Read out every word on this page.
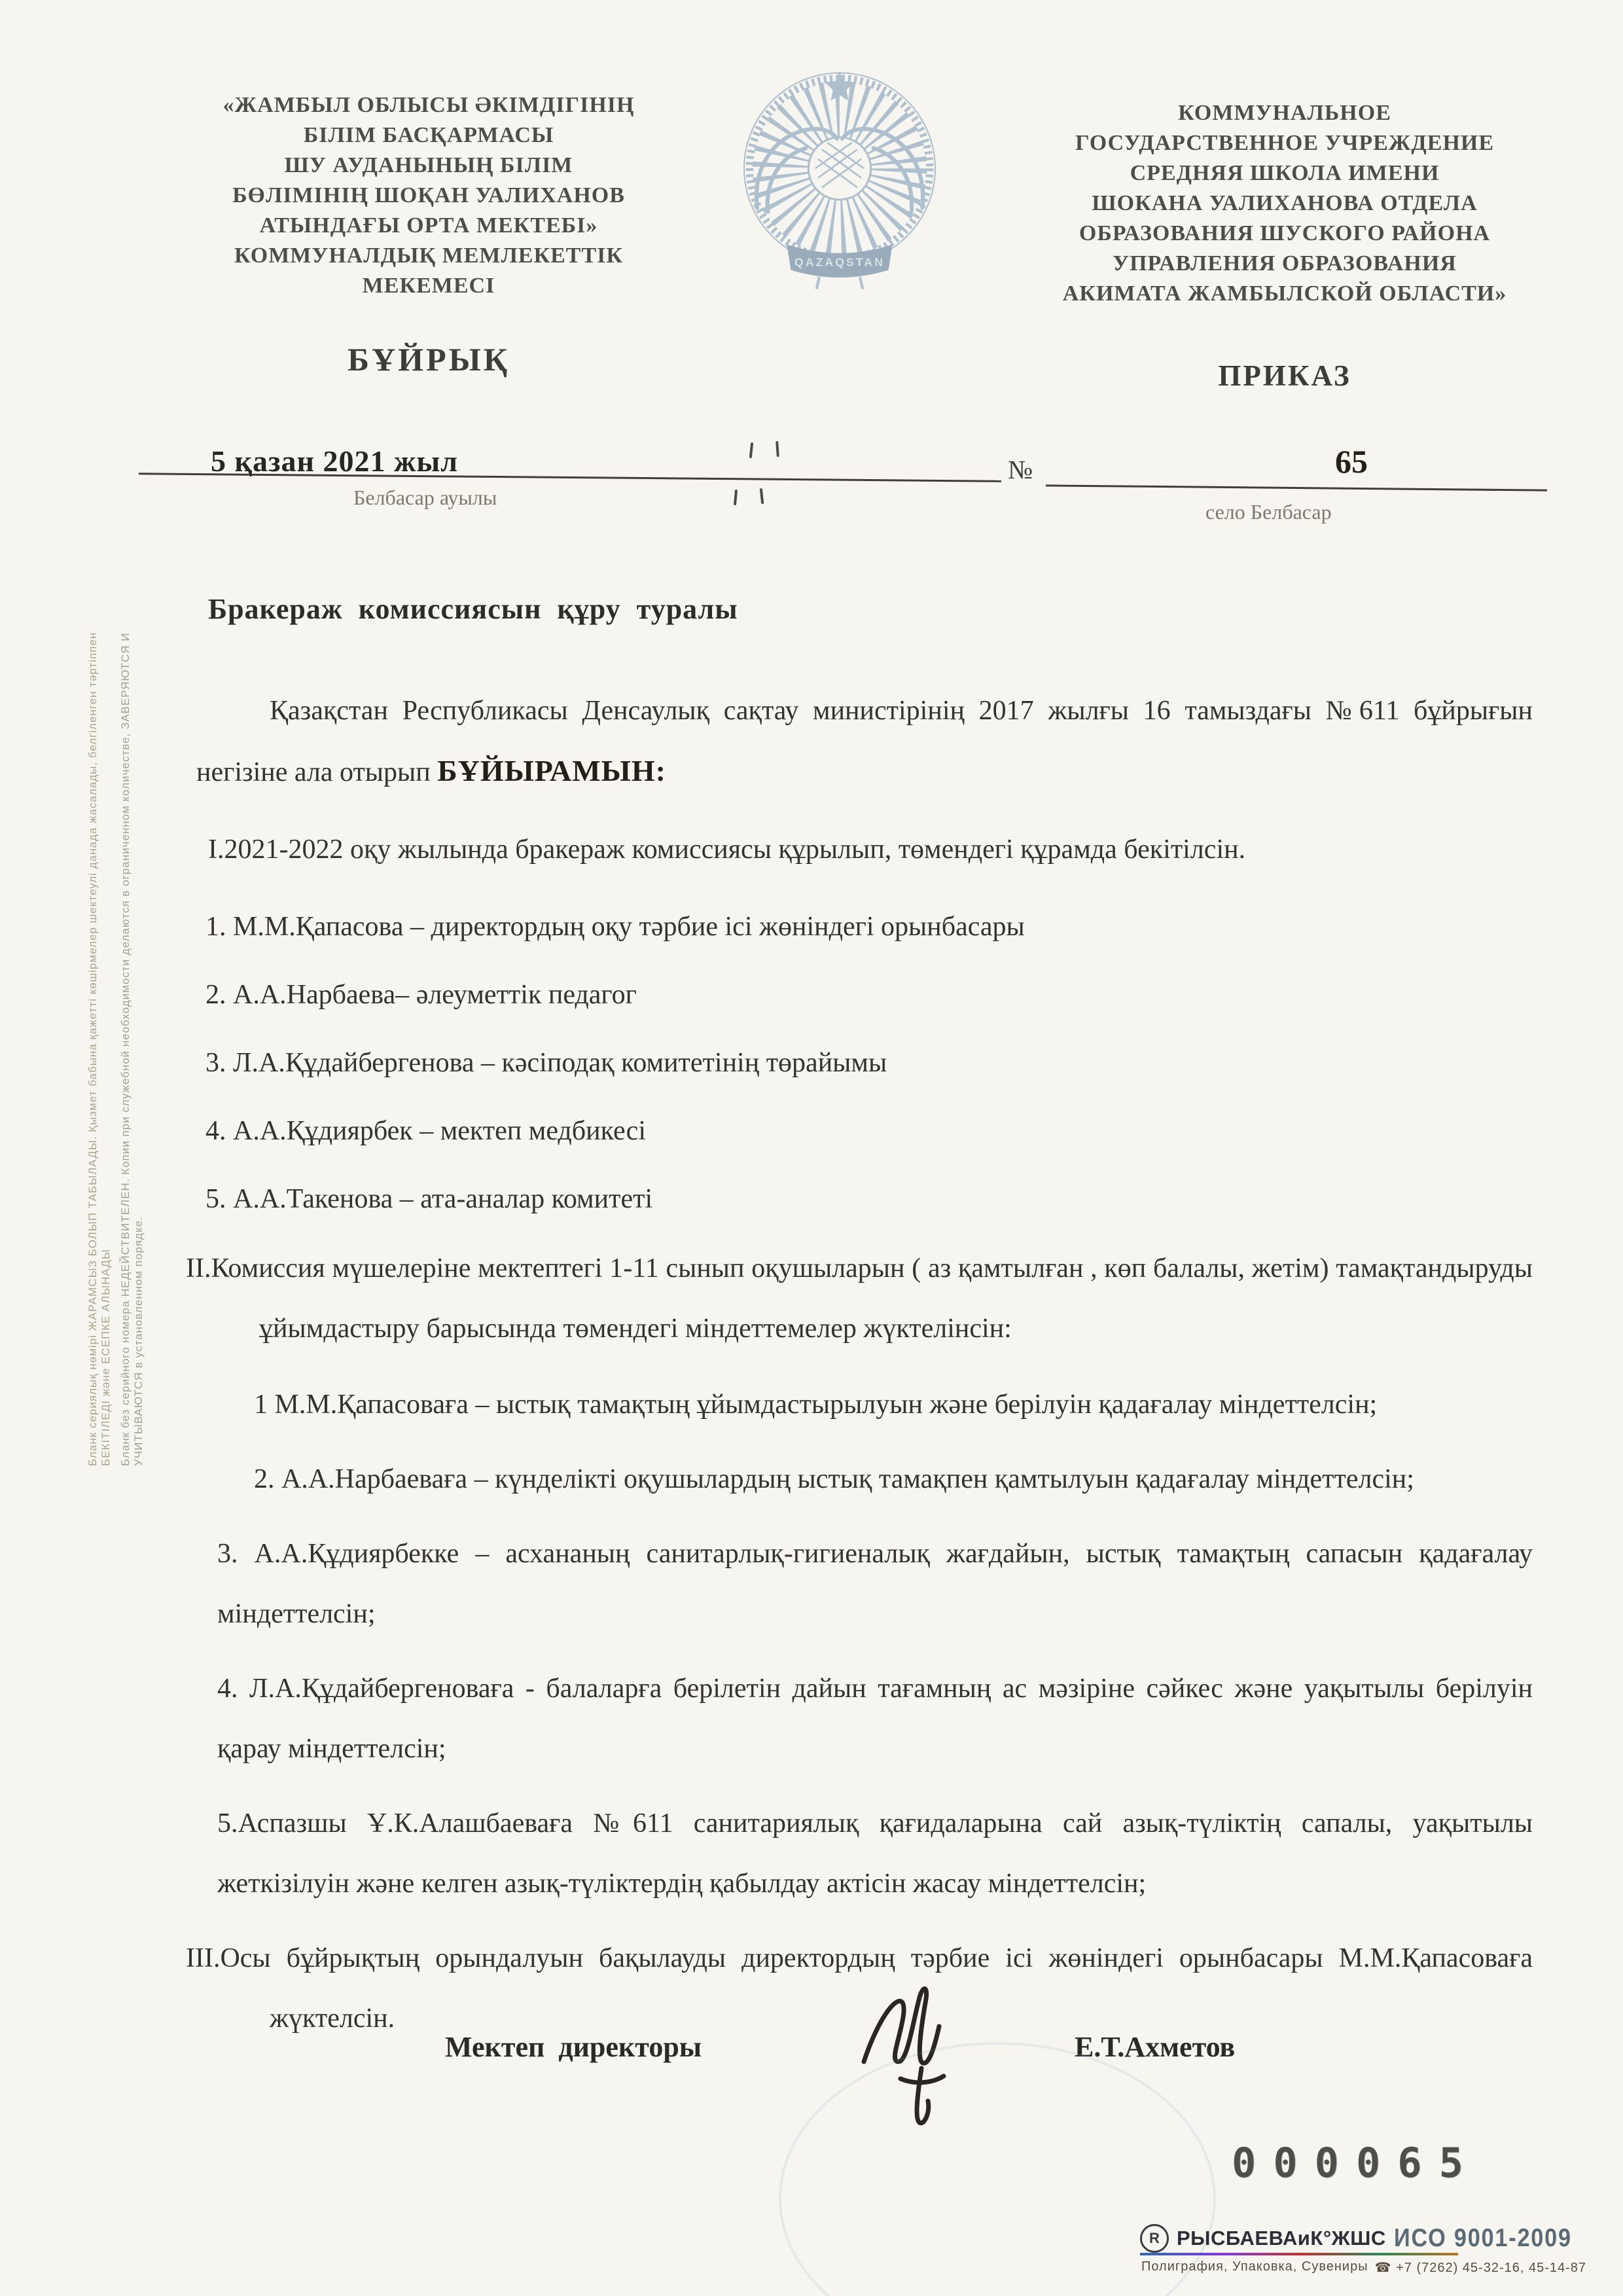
«ЖАМБЫЛ ОБЛЫСЫ ӘКІМДІГІНІҢ
БІЛІМ БАСҚАРМАСЫ
ШУ АУДАНЫНЫҢ БІЛІМ
БӨЛІМІНІҢ ШОҚАН УАЛИХАНОВ
АТЫНДАҒЫ ОРТА МЕКТЕБІ»
КОММУНАЛДЫҚ МЕМЛЕКЕТТІК
МЕКЕМЕСІ
QAZAQSTAN
КОММУНАЛЬНОЕ
ГОСУДАРСТВЕННОЕ УЧРЕЖДЕНИЕ
СРЕДНЯЯ ШКОЛА ИМЕНИ
ШОКАНА УАЛИХАНОВА ОТДЕЛА
ОБРАЗОВАНИЯ ШУСКОГО РАЙОНА
УПРАВЛЕНИЯ ОБРАЗОВАНИЯ
АКИМАТА ЖАМБЫЛСКОЙ ОБЛАСТИ»
БҰЙРЫҚ	ПРИКАЗ
5 қазан 2021 жыл
Белбасар ауылы
№	65
село Белбасар
Бракераж комиссиясын құру туралы
Қазақстан Республикасы Денсаулық сақтау министірінің 2017 жылғы 16 тамыздағы №611 бұйрығын негізіне ала отырып БҰЙЫРАМЫН:
I.2021-2022 оқу жылында бракераж комиссиясы құрылып, төмендегі құрамда бекітілсін.
1. М.М.Қапасова – директордың оқу тәрбие ісі жөніндегі орынбасары
2. А.А.Нарбаева– әлеуметтік педагог
3. Л.А.Құдайбергенова – кәсіподақ комитетінің төрайымы
4. А.А.Құдиярбек – мектеп медбикесі
5. А.А.Такенова – ата-аналар комитеті
II.Комиссия мүшелеріне мектептегі 1-11 сынып оқушыларын ( аз қамтылған , көп балалы, жетім) тамақтандыруды ұйымдастыру барысында төмендегі міндеттемелер жүктелінсін:
1 М.М.Қапасоваға – ыстық тамақтың ұйымдастырылуын және берілуін қадағалау міндеттелсін;
2. А.А.Нарбаеваға – күнделікті оқушылардың ыстық тамақпен қамтылуын қадағалау міндеттелсін;
3. А.А.Құдиярбекке – асхананың санитарлық-гигиеналық жағдайын, ыстық тамақтың сапасын қадағалау міндеттелсін;
4. Л.А.Құдайбергеноваға - балаларға берілетін дайын тағамның ас мәзіріне сәйкес және уақытылы берілуін қарау міндеттелсін;
5.Аспазшы Ұ.К.Алашбаеваға №611 санитариялық қағидаларына сай азық-түліктің сапалы, уақытылы жеткізілуін және келген азық-түліктердің қабылдау актісін жасау міндеттелсін;
III.Осы бұйрықтың орындалуын бақылауды директордың тәрбие ісі жөніндегі орынбасары М.М.Қапасоваға жүктелсін.
Мектеп директоры	Е.Т.Ахметов
000065
R РЫСБАЕВАиК°ЖШС ИСО 9001-2009
Полиграфия, Упаковка, Сувениры ☎ +7 (7262) 45-32-16, 45-14-87
Бланк сериялық нөмірі ЖАРАМСЫЗ БОЛЫП ТАБЫЛАДЫ. Қызмет бабына қажетті көшірмелер шектеулі данада жасалады, белгіленген тәртіппен БЕКІТІЛЕДІ және ЕСЕПКЕ АЛЫНАДЫ Бланк без серийного номера НЕДЕЙСТВИТЕЛЕН. Копии при служебной необходимости делаются в ограниченном количестве, ЗАВЕРЯЮТСЯ И УЧИТЫВАЮТСЯ в установленном порядке.
